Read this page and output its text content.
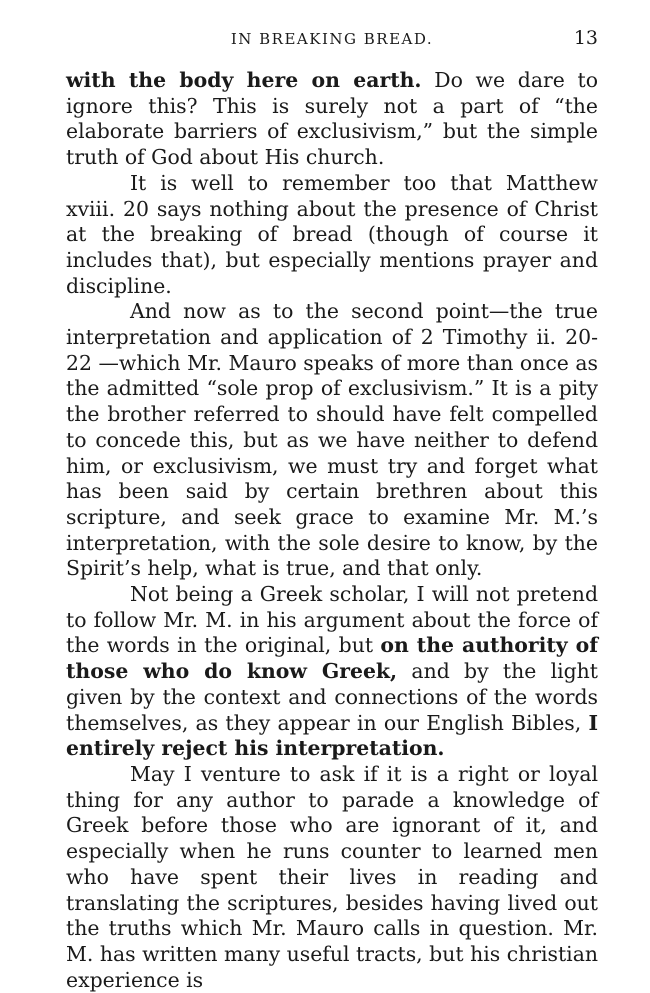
IN BREAKING BREAD.	13

with the body here on earth. Do we dare to ignore this? This is surely not a part of “the elaborate barriers of exclusivism,” but the simple truth of God about His church.

It is well to remember too that Matthew xviii. 20 says nothing about the presence of Christ at the breaking of bread (though of course it includes that), but especially mentions prayer and discipline.

And now as to the second point—the true interpretation and application of 2 Timothy ii. 20-22 —which Mr. Mauro speaks of more than once as the admitted “sole prop of exclusivism.” It is a pity the brother referred to should have felt compelled to concede this, but as we have neither to defend him, or exclusivism, we must try and forget what has been said by certain brethren about this scripture, and seek grace to examine Mr. M.’s interpretation, with the sole desire to know, by the Spirit’s help, what is true, and that only.

Not being a Greek scholar, I will not pretend to follow Mr. M. in his argument about the force of the words in the original, but on the authority of those who do know Greek, and by the light given by the context and connections of the words themselves, as they appear in our English Bibles, I entirely reject his interpretation.

May I venture to ask if it is a right or loyal thing for any author to parade a knowledge of Greek before those who are ignorant of it, and especially when he runs counter to learned men who have spent their lives in reading and translating the scriptures, besides having lived out the truths which Mr. Mauro calls in question. Mr. M. has written many useful tracts, but his christian experience is
